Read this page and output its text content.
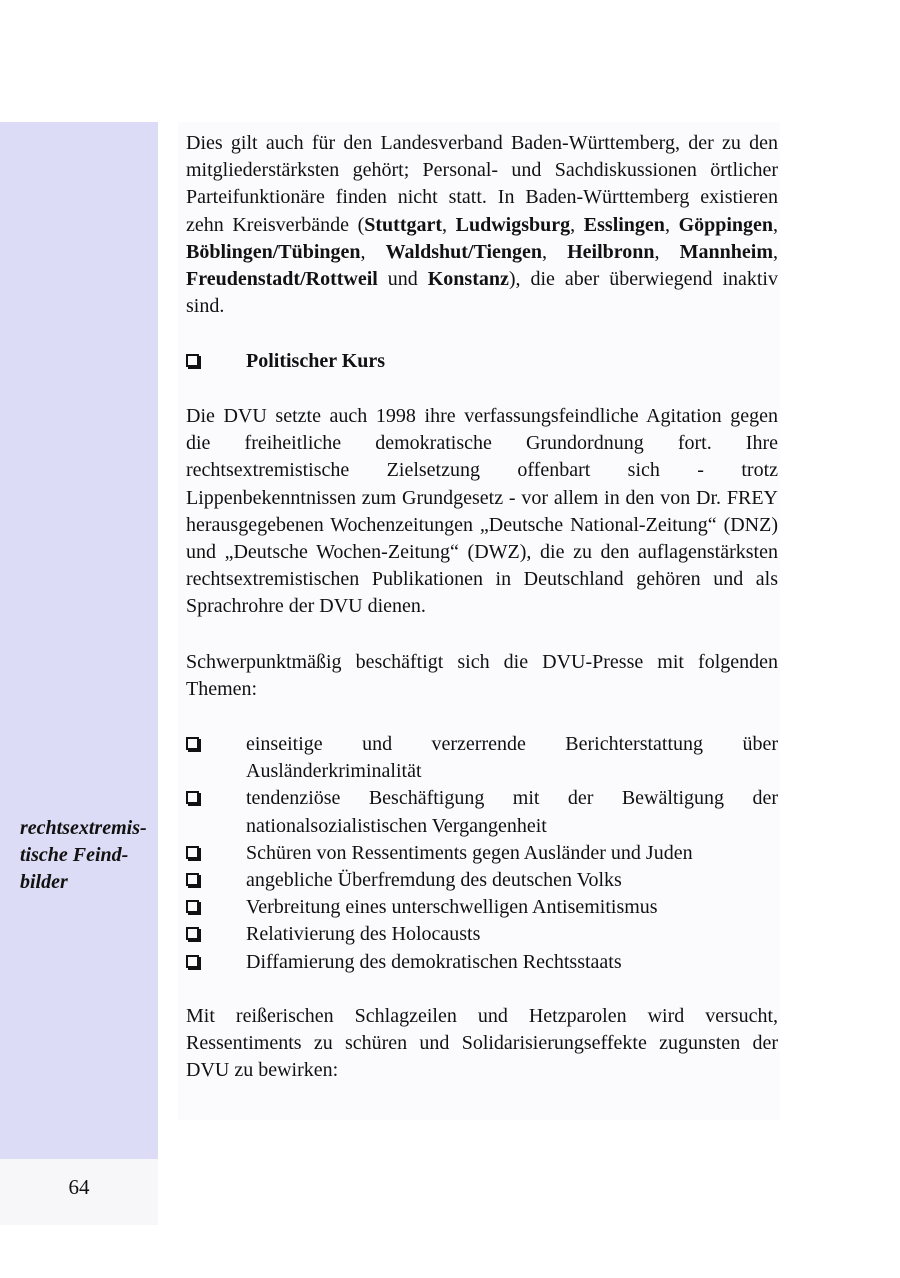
64
rechtsextremis-
tische Feind-
bilder

Dies gilt auch für den Landesverband Baden-Württemberg, der zu den mitgliederstärksten gehört; Personal- und Sachdiskussionen örtlicher Parteifunktionäre finden nicht statt. In Baden-Württemberg existieren zehn Kreisverbände (Stuttgart, Ludwigsburg, Esslingen, Göppingen, Böblingen/Tübingen, Waldshut/Tiengen, Heilbronn, Mannheim, Freudenstadt/Rottweil und Konstanz), die aber überwiegend inaktiv sind.

Politischer Kurs

Die DVU setzte auch 1998 ihre verfassungsfeindliche Agitation gegen die freiheitliche demokratische Grundordnung fort. Ihre rechtsextremistische Zielsetzung offenbart sich - trotz Lippenbekenntnissen zum Grundgesetz - vor allem in den von Dr. FREY herausgegebenen Wochenzeitungen „Deutsche National-Zeitung“ (DNZ) und „Deutsche Wochen-Zeitung“ (DWZ), die zu den auflagenstärksten rechtsextremistischen Publikationen in Deutschland gehören und als Sprachrohre der DVU dienen.

Schwerpunktmäßig beschäftigt sich die DVU-Presse mit folgenden Themen:

einseitige und verzerrende Berichterstattung über Ausländerkriminalität
tendenziöse Beschäftigung mit der Bewältigung der nationalsozialistischen Vergangenheit
Schüren von Ressentiments gegen Ausländer und Juden
angebliche Überfremdung des deutschen Volks
Verbreitung eines unterschwelligen Antisemitismus
Relativierung des Holocausts
Diffamierung des demokratischen Rechtsstaats

Mit reißerischen Schlagzeilen und Hetzparolen wird versucht, Ressentiments zu schüren und Solidarisierungseffekte zugunsten der DVU zu bewirken:
